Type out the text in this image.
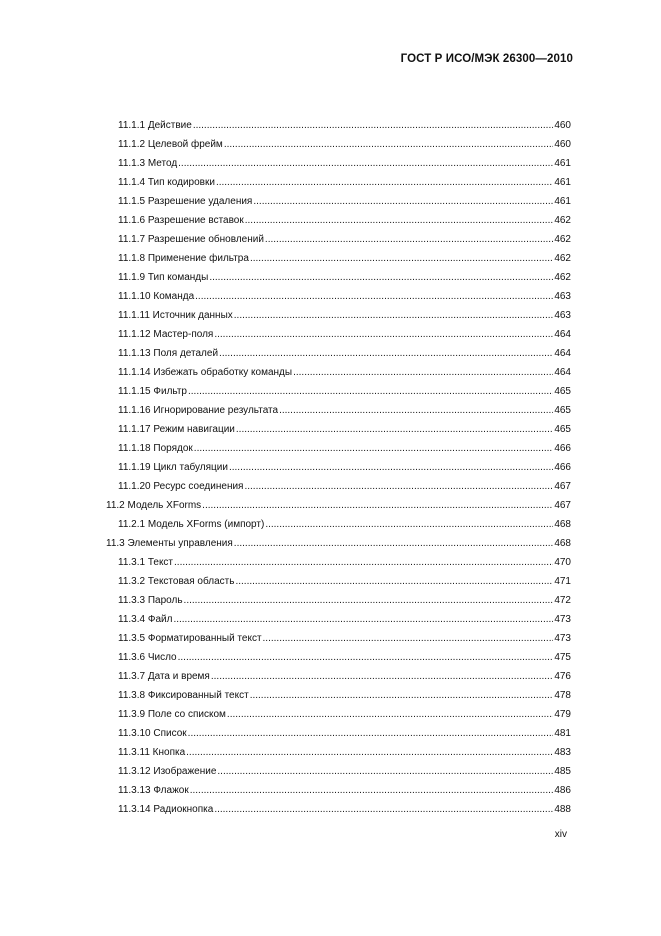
ГОСТ Р ИСО/МЭК 26300—2010
11.1.1 Действие .....	460
11.1.2 Целевой фрейм .....	460
11.1.3 Метод .....	461
11.1.4 Тип кодировки .....	461
11.1.5 Разрешение удаления .....	461
11.1.6 Разрешение вставок .....	462
11.1.7 Разрешение обновлений .....	462
11.1.8 Применение фильтра .....	462
11.1.9 Тип команды .....	462
11.1.10 Команда .....	463
11.1.11 Источник данных .....	463
11.1.12 Мастер-поля .....	464
11.1.13 Поля деталей .....	464
11.1.14 Избежать обработку команды .....	464
11.1.15 Фильтр .....	465
11.1.16 Игнорирование результата .....	465
11.1.17 Режим навигации .....	465
11.1.18 Порядок .....	466
11.1.19 Цикл табуляции .....	466
11.1.20 Ресурс соединения .....	467
11.2 Модель XForms .....	467
11.2.1 Модель XForms (импорт) .....	468
11.3 Элементы управления .....	468
11.3.1 Текст .....	470
11.3.2 Текстовая область .....	471
11.3.3 Пароль .....	472
11.3.4 Файл .....	473
11.3.5 Форматированный текст .....	473
11.3.6 Число .....	475
11.3.7 Дата и время .....	476
11.3.8 Фиксированный текст .....	478
11.3.9 Поле со списком .....	479
11.3.10 Список .....	481
11.3.11 Кнопка .....	483
11.3.12 Изображение .....	485
11.3.13 Флажок .....	486
11.3.14 Радиокнопка .....	488
xiv
